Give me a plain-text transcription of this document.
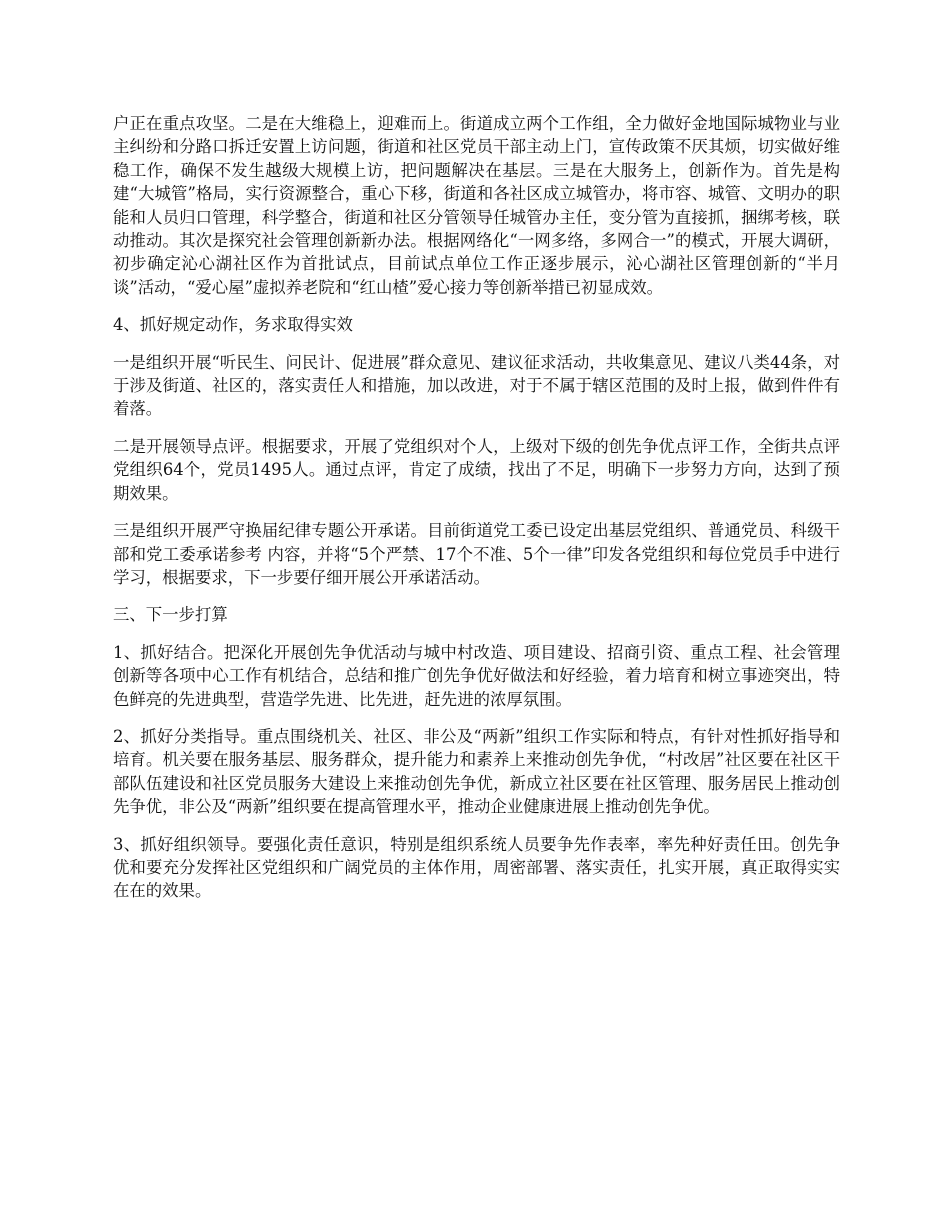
户正在重点攻坚。二是在大维稳上，迎难而上。街道成立两个工作组，全力做好金地国际城物业与业主纠纷和分路口拆迁安置上访问题，街道和社区党员干部主动上门，宣传政策不厌其烦，切实做好维稳工作，确保不发生越级大规模上访，把问题解决在基层。三是在大服务上，创新作为。首先是构建“大城管”格局，实行资源整合，重心下移，街道和各社区成立城管办，将市容、城管、文明办的职能和人员归口管理，科学整合，街道和社区分管领导任城管办主任，变分管为直接抓，捆绑考核，联动推动。其次是探究社会管理创新新办法。根据网络化“一网多络，多网合一”的模式，开展大调研，初步确定沁心湖社区作为首批试点，目前试点单位工作正逐步展示，沁心湖社区管理创新的“半月谈”活动，“爱心屋”虚拟养老院和“红山楂”爱心接力等创新举措已初显成效。

4、抓好规定动作，务求取得实效

一是组织开展“听民生、问民计、促进展”群众意见、建议征求活动，共收集意见、建议八类44条，对于涉及街道、社区的，落实责任人和措施，加以改进，对于不属于辖区范围的及时上报，做到件件有着落。

二是开展领导点评。根据要求，开展了党组织对个人，上级对下级的创先争优点评工作，全街共点评党组织64个，党员1495人。通过点评，肯定了成绩，找出了不足，明确下一步努力方向，达到了预期效果。

三是组织开展严守换届纪律专题公开承诺。目前街道党工委已设定出基层党组织、普通党员、科级干部和党工委承诺参考 内容，并将“5个严禁、17个不准、5个一律”印发各党组织和每位党员手中进行学习，根据要求，下一步要仔细开展公开承诺活动。

三、下一步打算

1、抓好结合。把深化开展创先争优活动与城中村改造、项目建设、招商引资、重点工程、社会管理创新等各项中心工作有机结合，总结和推广创先争优好做法和好经验，着力培育和树立事迹突出，特色鲜亮的先进典型，营造学先进、比先进，赶先进的浓厚氛围。

2、抓好分类指导。重点围绕机关、社区、非公及“两新”组织工作实际和特点，有针对性抓好指导和培育。机关要在服务基层、服务群众，提升能力和素养上来推动创先争优，“村改居”社区要在社区干部队伍建设和社区党员服务大建设上来推动创先争优，新成立社区要在社区管理、服务居民上推动创先争优，非公及“两新”组织要在提高管理水平，推动企业健康进展上推动创先争优。

3、抓好组织领导。要强化责任意识，特别是组织系统人员要争先作表率，率先种好责任田。创先争优和要充分发挥社区党组织和广阔党员的主体作用，周密部署、落实责任，扎实开展，真正取得实实在在的效果。
